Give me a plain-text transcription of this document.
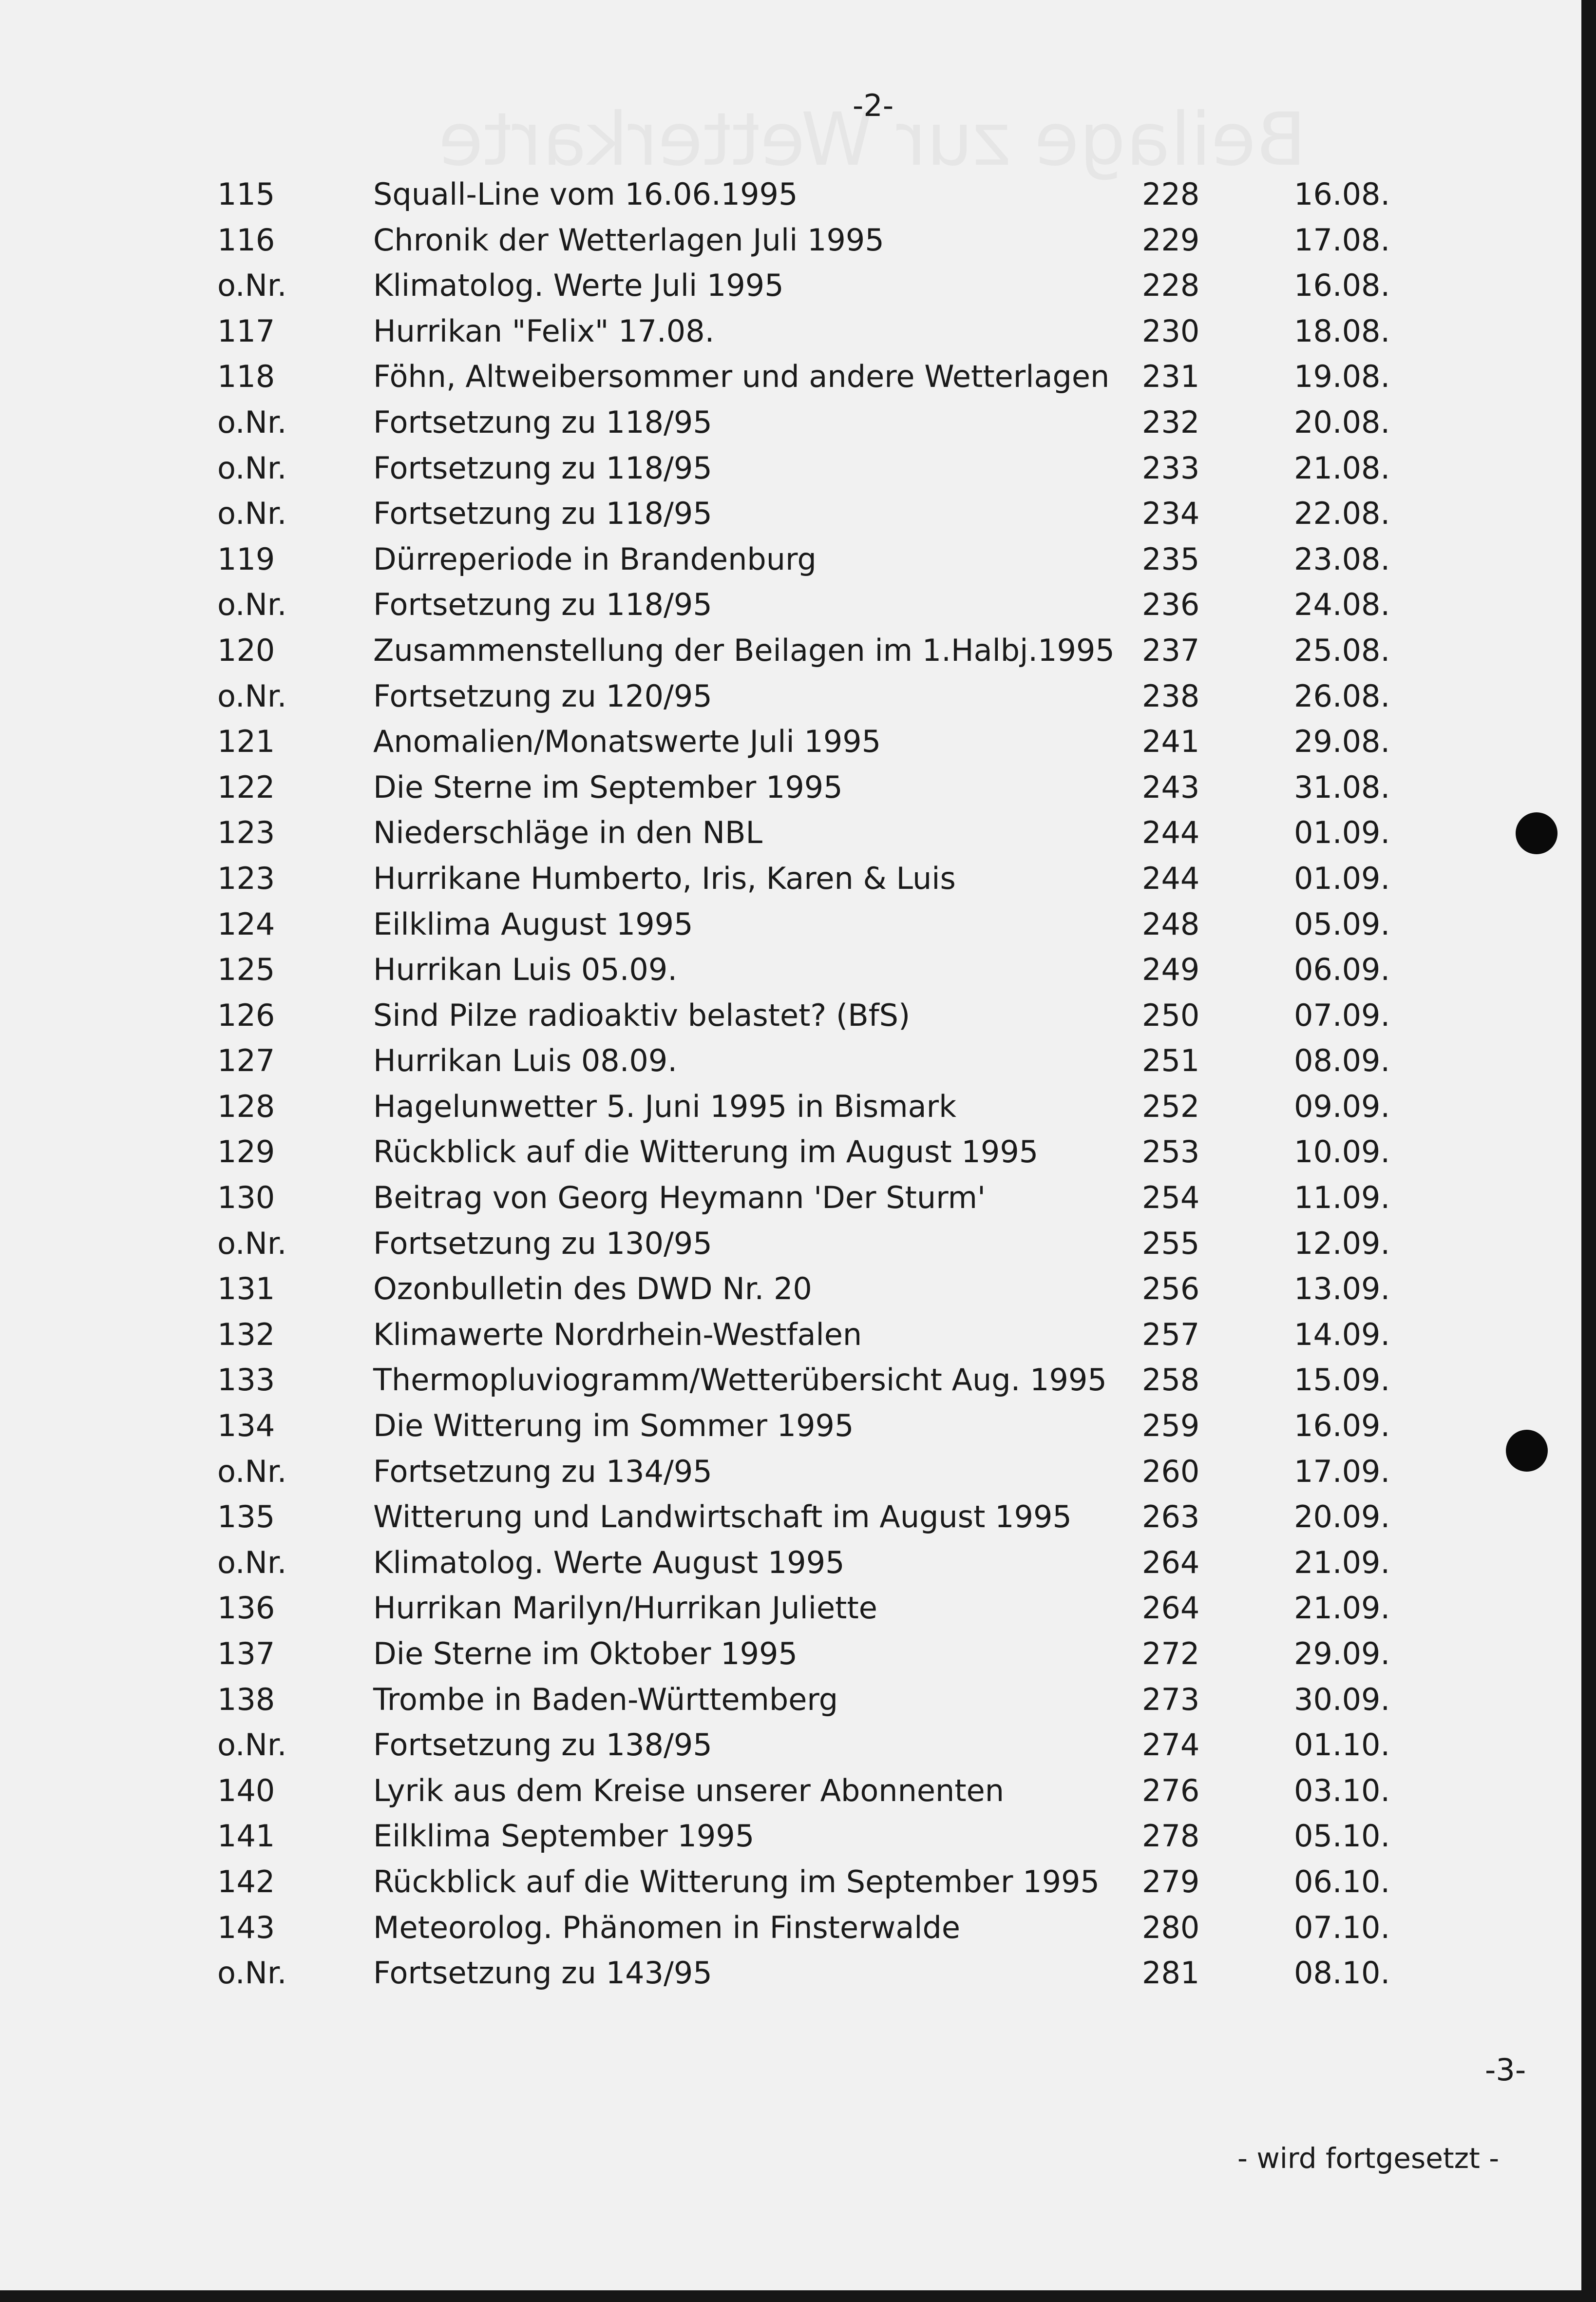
-2-
115	Squall-Line vom 16.06.1995	228	16.08.
116	Chronik der Wetterlagen Juli 1995	229	17.08.
o.Nr.	Klimatolog. Werte Juli 1995	228	16.08.
117	Hurrikan "Felix" 17.08.	230	18.08.
118	Föhn, Altweibersommer und andere Wetterlagen 231	19.08.
o.Nr.	Fortsetzung zu 118/95	232	20.08.
o.Nr.	Fortsetzung zu 118/95	233	21.08.
o.Nr.	Fortsetzung zu 118/95	234	22.08.
119	Dürreperiode in Brandenburg	235	23.08.
o.Nr.	Fortsetzung zu 118/95	236	24.08.
120	Zusammenstellung der Beilagen im 1.Halbj.1995 237	25.08.
o.Nr.	Fortsetzung zu 120/95	238	26.08.
121	Anomalien/Monatswerte Juli 1995	241	29.08.
122	Die Sterne im September 1995	243	31.08.
123	Niederschläge in den NBL	244	01.09.
123	Hurrikane Humberto, Iris, Karen & Luis	244	01.09.
124	Eilklima August 1995	248	05.09.
125	Hurrikan Luis 05.09.	249	06.09.
126	Sind Pilze radioaktiv belastet? (BfS)	250	07.09.
127	Hurrikan Luis 08.09.	251	08.09.
128	Hagelunwetter 5. Juni 1995 in Bismark	252	09.09.
129	Rückblick auf die Witterung im August 1995	253	10.09.
130	Beitrag von Georg Heymann 'Der Sturm'	254	11.09.
o.Nr.	Fortsetzung zu 130/95	255	12.09.
131	Ozonbulletin des DWD Nr. 20	256	13.09.
132	Klimawerte Nordrhein-Westfalen	257	14.09.
133	Thermopluviogramm/Wetterübersicht Aug. 1995 258	15.09.
134	Die Witterung im Sommer 1995	259	16.09.
o.Nr.	Fortsetzung zu 134/95	260	17.09.
135	Witterung und Landwirtschaft im August 1995 263	20.09.
o.Nr.	Klimatolog. Werte August 1995	264	21.09.
136	Hurrikan Marilyn/Hurrikan Juliette	264	21.09.
137	Die Sterne im Oktober 1995	272	29.09.
138	Trombe in Baden-Württemberg	273	30.09.
o.Nr.	Fortsetzung zu 138/95	274	01.10.
140	Lyrik aus dem Kreise unserer Abonnenten	276	03.10.
141	Eilklima September 1995	278	05.10.
142	Rückblick auf die Witterung im September 1995 279	06.10.
143	Meteorolog. Phänomen in Finsterwalde	280	07.10.
o.Nr.	Fortsetzung zu 143/95	281	08.10.
-3-
- wird fortgesetzt -
